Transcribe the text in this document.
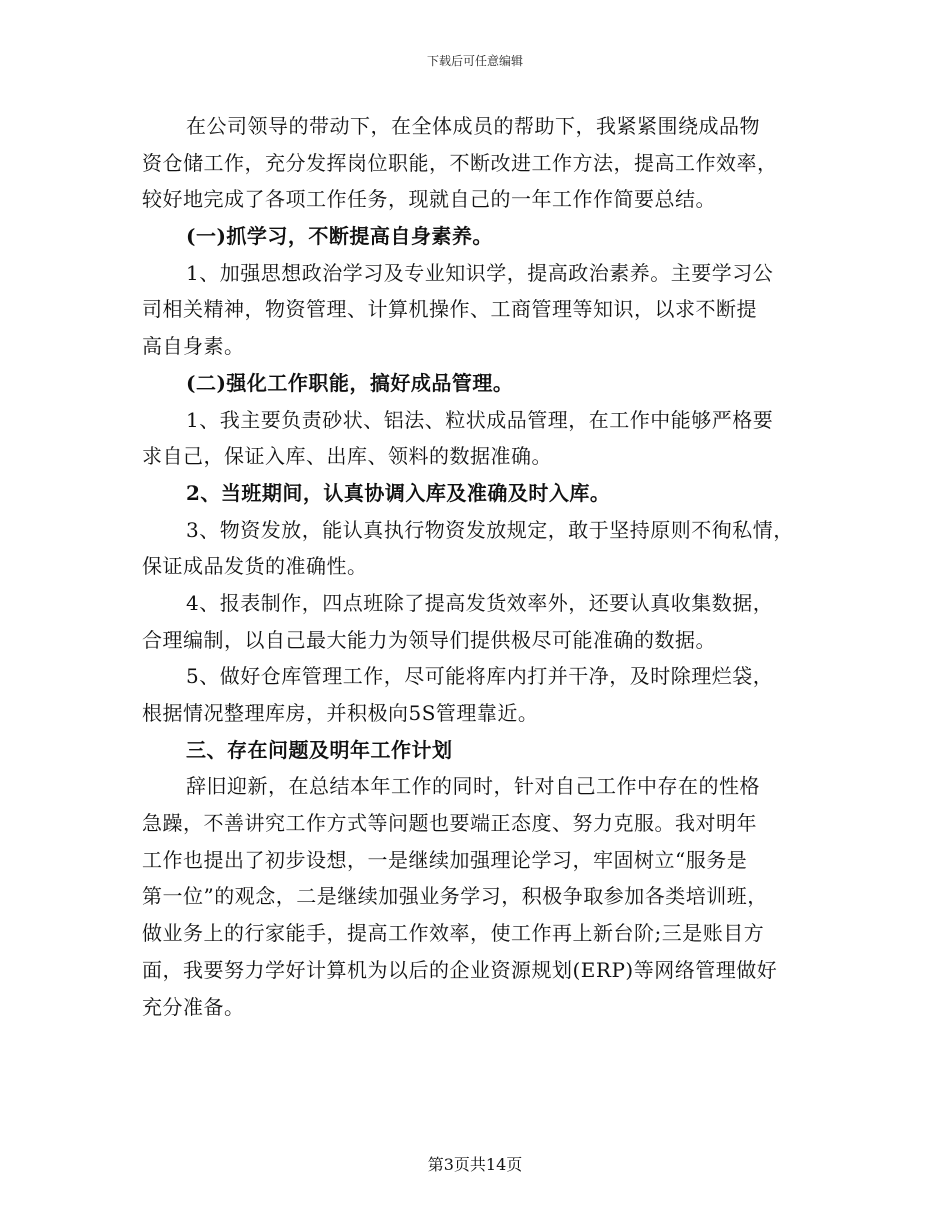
下载后可任意编辑
在公司领导的带动下，在全体成员的帮助下，我紧紧围绕成品物
资仓储工作，充分发挥岗位职能，不断改进工作方法，提高工作效率，
较好地完成了各项工作任务，现就自己的一年工作作简要总结。
(一)抓学习，不断提高自身素养。
1、加强思想政治学习及专业知识学，提高政治素养。主要学习公
司相关精神，物资管理、计算机操作、工商管理等知识，以求不断提
高自身素。
(二)强化工作职能，搞好成品管理。
1、我主要负责砂状、铝法、粒状成品管理，在工作中能够严格要
求自己，保证入库、出库、领料的数据准确。
2、当班期间，认真协调入库及准确及时入库。
3、物资发放，能认真执行物资发放规定，敢于坚持原则不徇私情，
保证成品发货的准确性。
4、报表制作，四点班除了提高发货效率外，还要认真收集数据，
合理编制，以自己最大能力为领导们提供极尽可能准确的数据。
5、做好仓库管理工作，尽可能将库内打并干净，及时除理烂袋，
根据情况整理库房，并积极向5S管理靠近。
三、存在问题及明年工作计划
辞旧迎新，在总结本年工作的同时，针对自己工作中存在的性格
急躁，不善讲究工作方式等问题也要端正态度、努力克服。我对明年
工作也提出了初步设想，一是继续加强理论学习，牢固树立“服务是
第一位”的观念，二是继续加强业务学习，积极争取参加各类培训班，
做业务上的行家能手，提高工作效率，使工作再上新台阶;三是账目方
面，我要努力学好计算机为以后的企业资源规划(ERP)等网络管理做好
充分准备。
第3页共14页
